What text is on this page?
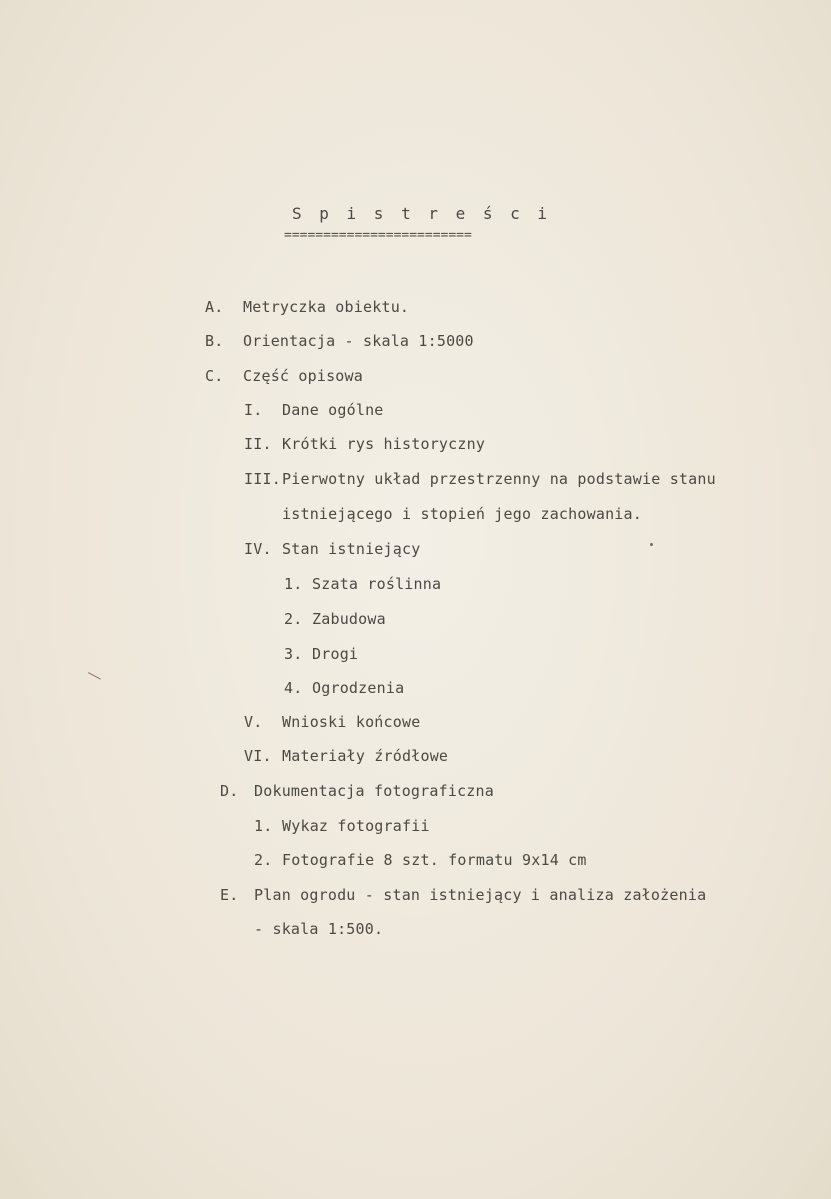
S p i s t r e ś c i
========================
A. Metryczka obiektu.
B. Orientacja - skala 1:5000
C. Część opisowa
I. Dane ogólne
II. Krótki rys historyczny
III.Pierwotny układ przestrzenny na podstawie stanu
istniejącego i stopień jego zachowania.
IV. Stan istniejący
1. Szata roślinna
2. Zabudowa
3. Drogi
4. Ogrodzenia
V. Wnioski końcowe
VI. Materiały źródłowe
D. Dokumentacja fotograficzna
1. Wykaz fotografii
2. Fotografie 8 szt. formatu 9x14 cm
E. Plan ogrodu - stan istniejący i analiza założenia
- skala 1:500.
